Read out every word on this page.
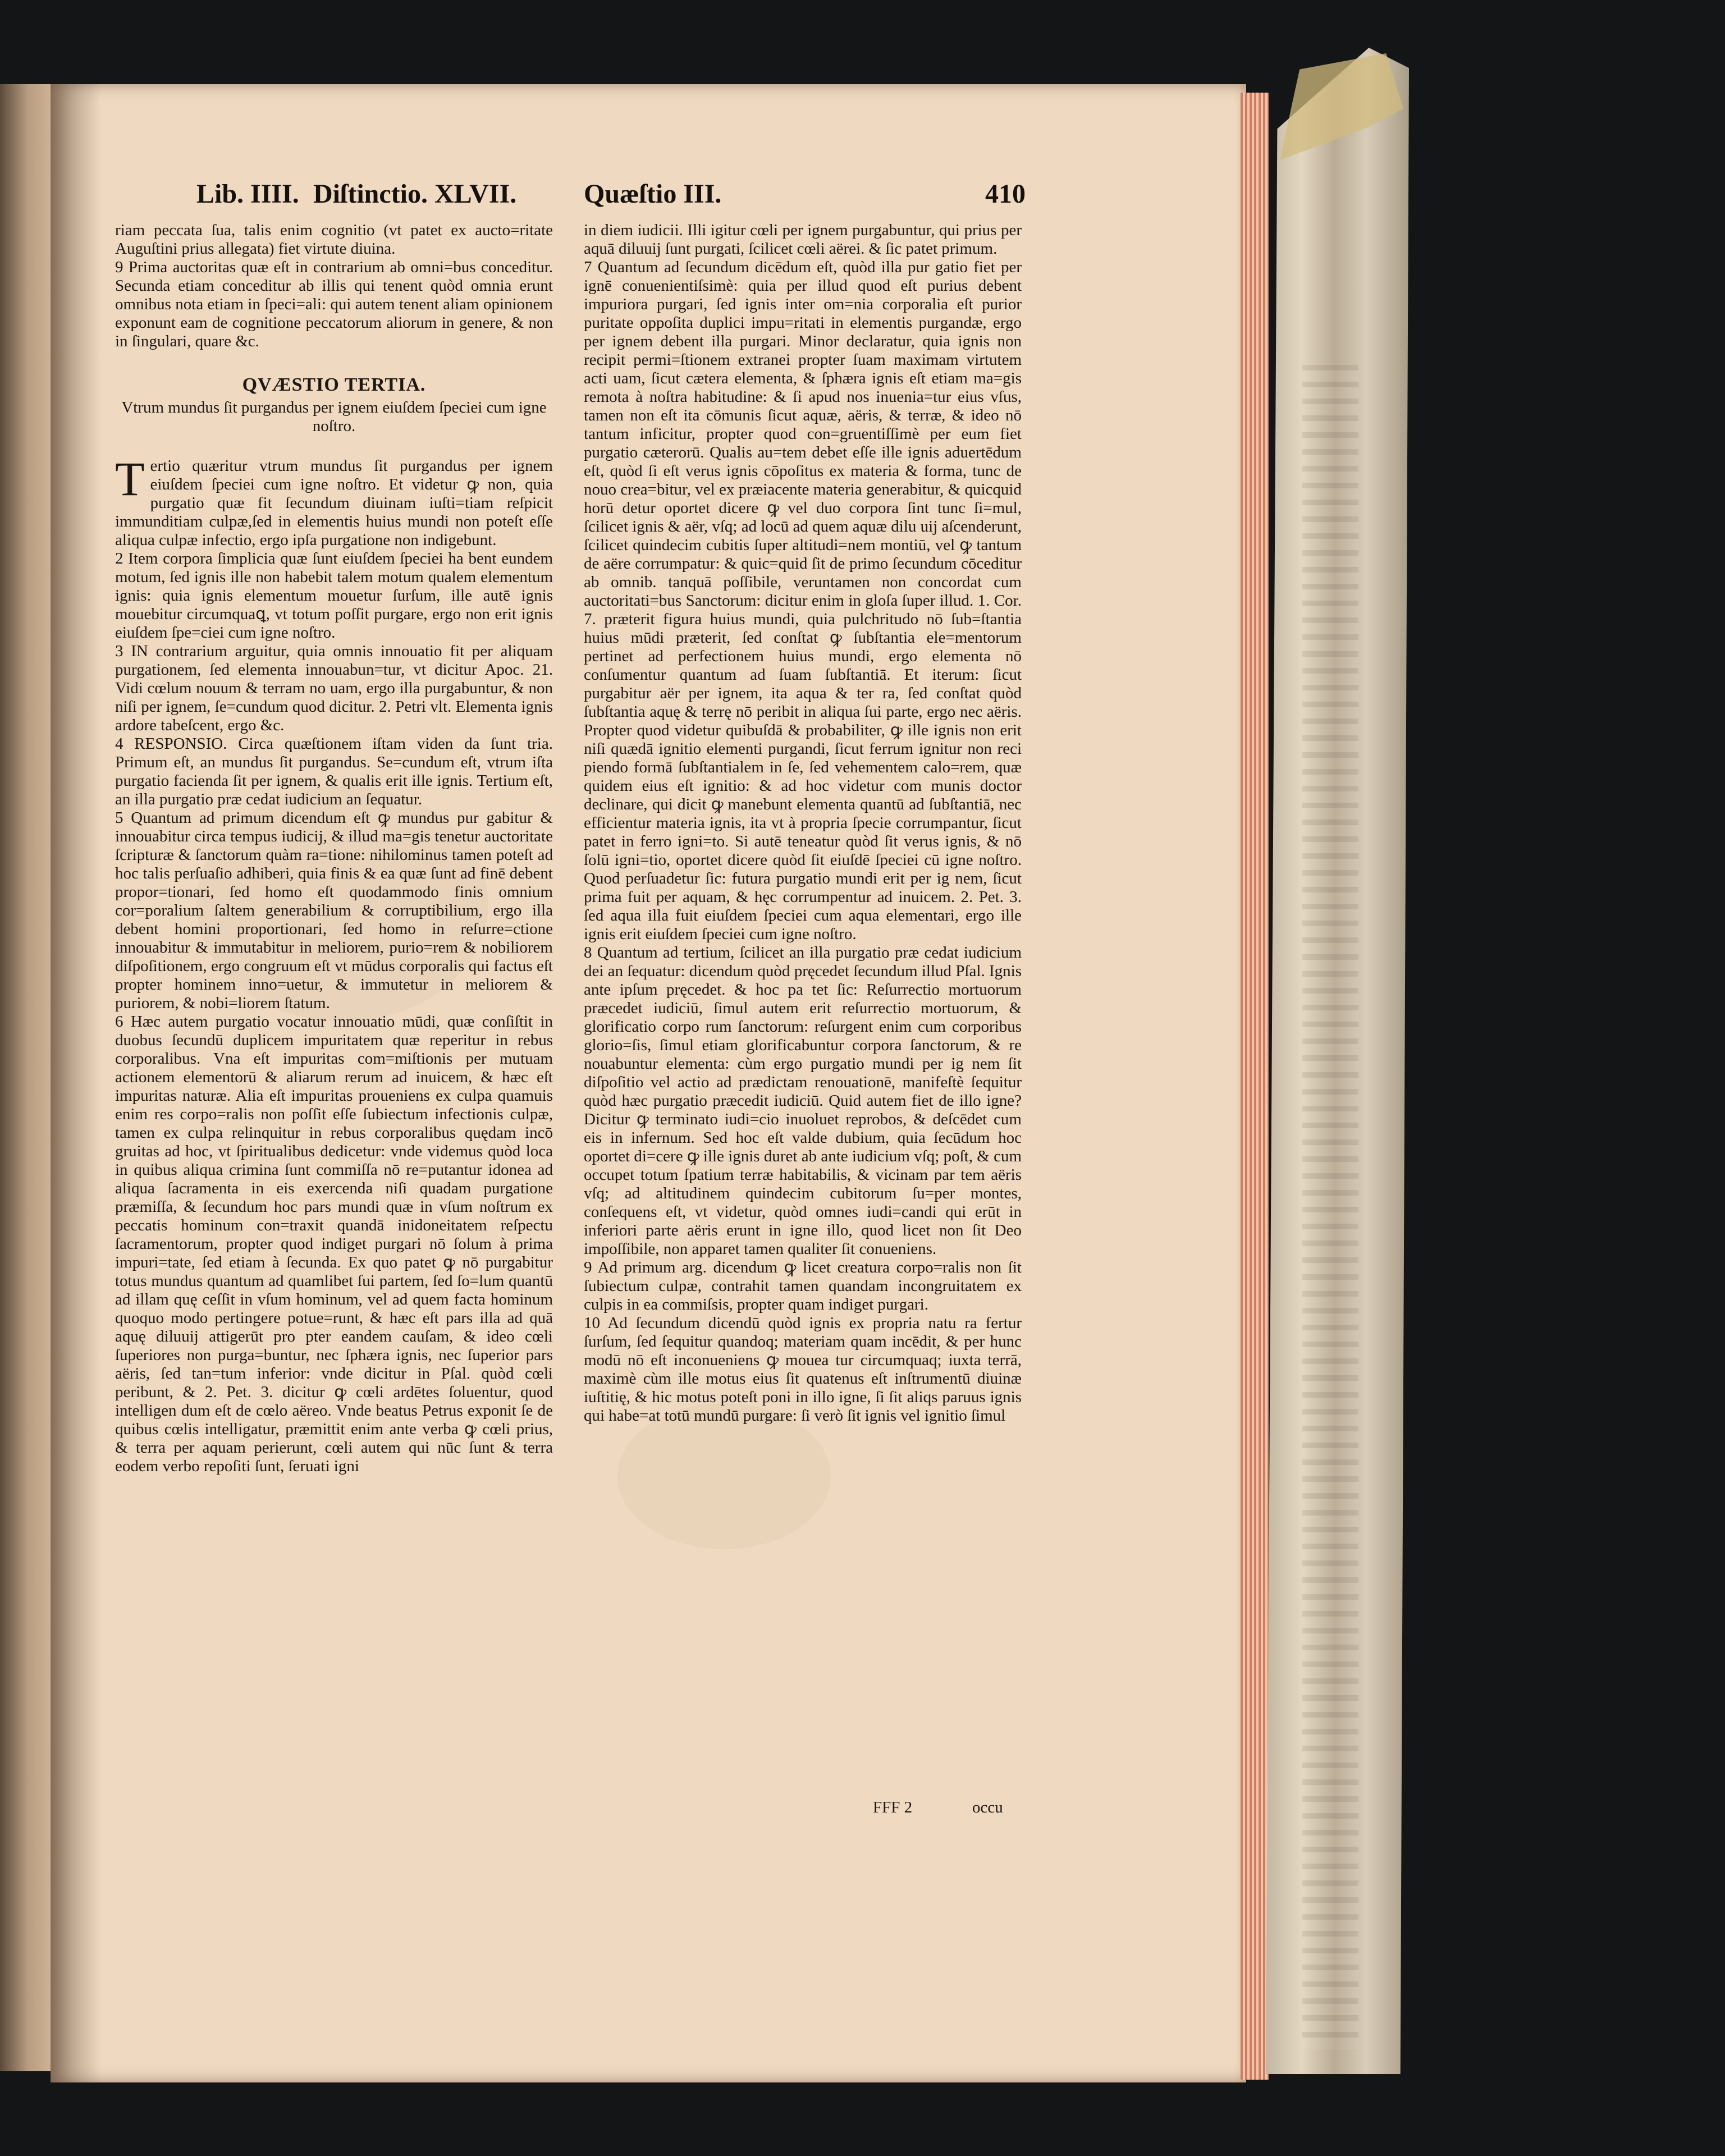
Lib. IIII. Diſtinctio. XLVII. Quæſtio III.	410

riam peccata ſua, talis enim cognitio (vt patet ex aucto=ritate Auguſtini prius allegata) fiet virtute diuina.

9 Prima auctoritas quæ eſt in contrarium ab omni=bus conceditur. Secunda etiam conceditur ab illis qui tenent quòd omnia erunt omnibus nota etiam in ſpeci=ali: qui autem tenent aliam opinionem exponunt eam de cognitione peccatorum aliorum in genere, & non in ſingulari, quare &c.

QVÆSTIO TERTIA.
Vtrum mundus ſit purgandus per ignem eiuſdem ſpeciei cum igne noſtro.

Tertio quæritur vtrum mundus ſit purgandus per ignem eiuſdem ſpeciei cum igne noſtro. Et videtur ꝙ non, quia purgatio quæ fit ſecundum diuinam iuſti=tiam reſpicit immunditiam culpæ,ſed in elementis huius mundi non poteſt eſſe aliqua culpæ infectio, ergo ipſa purgatione non indigebunt.

2 Item corpora ſimplicia quæ ſunt eiuſdem ſpeciei ha bent eundem motum, ſed ignis ille non habebit talem motum qualem elementum ignis: quia ignis elementum mouetur ſurſum, ille autē ignis mouebitur circumquaꝗ, vt totum poſſit purgare, ergo non erit ignis eiuſdem ſpe=ciei cum igne noſtro.

3 IN contrarium arguitur, quia omnis innouatio fit per aliquam purgationem, ſed elementa innouabun=tur, vt dicitur Apoc. 21. Vidi cœlum nouum & terram no uam, ergo illa purgabuntur, & non niſi per ignem, ſe=cundum quod dicitur. 2. Petri vlt. Elementa ignis ardore tabeſcent, ergo &c.

4 RESPONSIO. Circa quæſtionem iſtam viden da ſunt tria. Primum eſt, an mundus ſit purgandus. Se=cundum eſt, vtrum iſta purgatio facienda ſit per ignem, & qualis erit ille ignis. Tertium eſt, an illa purgatio præ cedat iudicium an ſequatur.

5 Quantum ad primum dicendum eſt ꝙ mundus pur gabitur & innouabitur circa tempus iudicij, & illud ma=gis tenetur auctoritate ſcripturæ & ſanctorum quàm ra=tione: nihilominus tamen poteſt ad hoc talis perſuaſio adhiberi, quia finis & ea quæ ſunt ad finē debent propor=tionari, ſed homo eſt quodammodo finis omnium cor=poralium ſaltem generabilium & corruptibilium, ergo illa debent homini proportionari, ſed homo in reſurre=ctione innouabitur & immutabitur in meliorem, purio=rem & nobiliorem diſpoſitionem, ergo congruum eſt vt mūdus corporalis qui factus eſt propter hominem inno=uetur, & immutetur in meliorem & puriorem, & nobi=liorem ſtatum.

6 Hæc autem purgatio vocatur innouatio mūdi, quæ conſiſtit in duobus ſecundū duplicem impuritatem quæ reperitur in rebus corporalibus. Vna eſt impuritas com=miſtionis per mutuam actionem elementorū & aliarum rerum ad inuicem, & hæc eſt impuritas naturæ. Alia eſt impuritas proueniens ex culpa quamuis enim res corpo=ralis non poſſit eſſe ſubiectum infectionis culpæ, tamen ex culpa relinquitur in rebus corporalibus quędam incō gruitas ad hoc, vt ſpiritualibus dedicetur: vnde videmus quòd loca in quibus aliqua crimina ſunt commiſſa nō re=putantur idonea ad aliqua ſacramenta in eis exercenda niſi quadam purgatione præmiſſa, & ſecundum hoc pars mundi quæ in vſum noſtrum ex peccatis hominum con=traxit quandā inidoneitatem reſpectu ſacramentorum, propter quod indiget purgari nō ſolum à prima impuri=tate, ſed etiam à ſecunda. Ex quo patet ꝙ nō purgabitur totus mundus quantum ad quamlibet ſui partem, ſed ſo=lum quantū ad illam quę ceſſit in vſum hominum, vel ad quem facta hominum quoquo modo pertingere potue=runt, & hæc eſt pars illa ad quā aquę diluuij attigerūt pro pter eandem cauſam, & ideo cœli ſuperiores non purga=buntur, nec ſphæra ignis, nec ſuperior pars aëris, ſed tan=tum inferior: vnde dicitur in Pſal. quòd cœli peribunt, & 2. Pet. 3. dicitur ꝙ cœli ardētes ſoluentur, quod intelligen dum eſt de cœlo aëreo. Vnde beatus Petrus exponit ſe de quibus cœlis intelligatur, præmittit enim ante verba ꝙ cœli prius, & terra per aquam perierunt, cœli autem qui nūc ſunt & terra eodem verbo repoſiti ſunt, ſeruati igni

in diem iudicii. Illi igitur cœli per ignem purgabuntur, qui prius per aquā diluuij ſunt purgati, ſcilicet cœli aërei. & ſic patet primum.

7 Quantum ad ſecundum dicēdum eſt, quòd illa pur gatio fiet per ignē conuenientiſsimè: quia per illud quod eſt purius debent impuriora purgari, ſed ignis inter om=nia corporalia eſt purior puritate oppoſita duplici impu=ritati in elementis purgandæ, ergo per ignem debent illa purgari. Minor declaratur, quia ignis non recipit permi=ſtionem extranei propter ſuam maximam virtutem acti uam, ſicut cætera elementa, & ſphæra ignis eſt etiam ma=gis remota à noſtra habitudine: & ſi apud nos inuenia=tur eius vſus, tamen non eſt ita cōmunis ſicut aquæ, aëris, & terræ, & ideo nō tantum inficitur, propter quod con=gruentiſſimè per eum fiet purgatio cæterorū. Qualis au=tem debet eſſe ille ignis aduertēdum eſt, quòd ſi eſt verus ignis cōpoſitus ex materia & forma, tunc de nouo crea=bitur, vel ex præiacente materia generabitur, & quicquid horū detur oportet dicere ꝙ vel duo corpora ſint tunc ſi=mul, ſcilicet ignis & aër, vſq; ad locū ad quem aquæ dilu uij aſcenderunt, ſcilicet quindecim cubitis ſuper altitudi=nem montiū, vel ꝙ tantum de aëre corrumpatur: & quic=quid ſit de primo ſecundum cōceditur ab omnib. tanquā poſſibile, veruntamen non concordat cum auctoritati=bus Sanctorum: dicitur enim in gloſa ſuper illud. 1. Cor. 7. præterit figura huius mundi, quia pulchritudo nō ſub=ſtantia huius mūdi præterit, ſed conſtat ꝙ ſubſtantia ele=mentorum pertinet ad perfectionem huius mundi, ergo elementa nō conſumentur quantum ad ſuam ſubſtantiā. Et iterum: ſicut purgabitur aër per ignem, ita aqua & ter ra, ſed conſtat quòd ſubſtantia aquę & terrę nō peribit in aliqua ſui parte, ergo nec aëris. Propter quod videtur quibuſdā & probabiliter, ꝙ ille ignis non erit niſi quædā ignitio elementi purgandi, ſicut ferrum ignitur non reci piendo formā ſubſtantialem in ſe, ſed vehementem calo=rem, quæ quidem eius eſt ignitio: & ad hoc videtur com munis doctor declinare, qui dicit ꝙ manebunt elementa quantū ad ſubſtantiā, nec efficientur materia ignis, ita vt à propria ſpecie corrumpantur, ſicut patet in ferro igni=to. Si autē teneatur quòd ſit verus ignis, & nō ſolū igni=tio, oportet dicere quòd ſit eiuſdē ſpeciei cū igne noſtro. Quod perſuadetur ſic: futura purgatio mundi erit per ig nem, ſicut prima fuit per aquam, & hęc corrumpentur ad inuicem. 2. Pet. 3. ſed aqua illa fuit eiuſdem ſpeciei cum aqua elementari, ergo ille ignis erit eiuſdem ſpeciei cum igne noſtro.

8 Quantum ad tertium, ſcilicet an illa purgatio præ cedat iudicium dei an ſequatur: dicendum quòd pręcedet ſecundum illud Pſal. Ignis ante ipſum pręcedet. & hoc pa tet ſic: Reſurrectio mortuorum præcedet iudiciū, ſimul autem erit reſurrectio mortuorum, & glorificatio corpo rum ſanctorum: reſurgent enim cum corporibus glorio=ſis, ſimul etiam glorificabuntur corpora ſanctorum, & re nouabuntur elementa: cùm ergo purgatio mundi per ig nem ſit diſpoſitio vel actio ad prædictam renouationē, manifeſtè ſequitur quòd hæc purgatio præcedit iudiciū. Quid autem fiet de illo igne? Dicitur ꝙ terminato iudi=cio inuoluet reprobos, & deſcēdet cum eis in infernum. Sed hoc eſt valde dubium, quia ſecūdum hoc oportet di=cere ꝙ ille ignis duret ab ante iudicium vſq; poſt, & cum occupet totum ſpatium terræ habitabilis, & vicinam par tem aëris vſq; ad altitudinem quindecim cubitorum ſu=per montes, conſequens eſt, vt videtur, quòd omnes iudi=candi qui erūt in inferiori parte aëris erunt in igne illo, quod licet non ſit Deo impoſſibile, non apparet tamen qualiter ſit conueniens.

9 Ad primum arg. dicendum ꝙ licet creatura corpo=ralis non ſit ſubiectum culpæ, contrahit tamen quandam incongruitatem ex culpis in ea commiſsis, propter quam indiget purgari.

10 Ad ſecundum dicendū quòd ignis ex propria natu ra fertur ſurſum, ſed ſequitur quandoq; materiam quam incēdit, & per hunc modū nō eſt inconueniens ꝙ moueа tur circumquaq; iuxta terrā, maximè cùm ille motus eius ſit quatenus eſt inſtrumentū diuinæ iuſtitię, & hic motus poteſt poni in illo igne, ſi ſit aliqs paruus ignis qui habe=at totū mundū purgare: ſi verò ſit ignis vel ignitio ſimul

FFF 2	occu
